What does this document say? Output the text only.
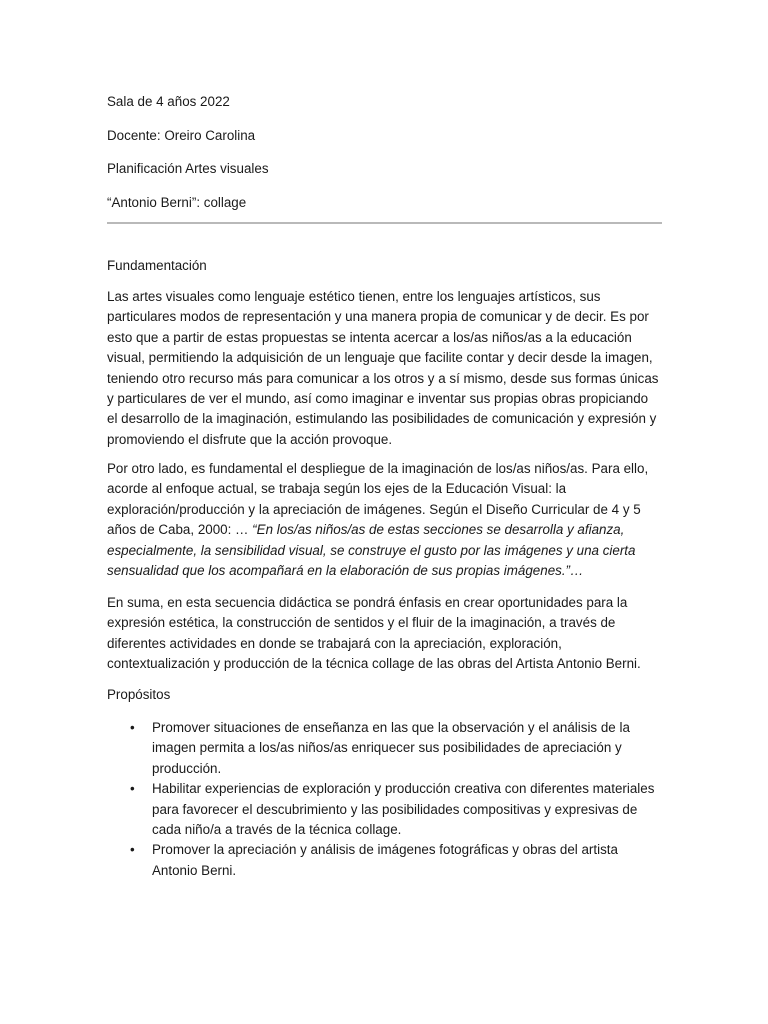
Sala de 4 años 2022
Docente: Oreiro Carolina
Planificación Artes visuales
“Antonio Berni”: collage
Fundamentación

Las artes visuales como lenguaje estético tienen, entre los lenguajes artísticos, sus particulares modos de representación y una manera propia de comunicar y de decir. Es por esto que a partir de estas propuestas se intenta acercar a los/as niños/as a la educación visual, permitiendo la adquisición de un lenguaje que facilite contar y decir desde la imagen, teniendo otro recurso más para comunicar a los otros y a sí mismo, desde sus formas únicas y particulares de ver el mundo, así como imaginar e inventar sus propias obras propiciando el desarrollo de la imaginación, estimulando las posibilidades de comunicación y expresión y promoviendo el disfrute que la acción provoque.

Por otro lado, es fundamental el despliegue de la imaginación de los/as niños/as. Para ello, acorde al enfoque actual, se trabaja según los ejes de la Educación Visual: la exploración/producción y la apreciación de imágenes. Según el Diseño Curricular de 4 y 5 años de Caba, 2000: … “En los/as niños/as de estas secciones se desarrolla y afianza, especialmente, la sensibilidad visual, se construye el gusto por las imágenes y una cierta sensualidad que los acompañará en la elaboración de sus propias imágenes.”…

En suma, en esta secuencia didáctica se pondrá énfasis en crear oportunidades para la expresión estética, la construcción de sentidos y el fluir de la imaginación, a través de diferentes actividades en donde se trabajará con la apreciación, exploración, contextualización y producción de la técnica collage de las obras del Artista Antonio Berni.

Propósitos
• Promover situaciones de enseñanza en las que la observación y el análisis de la imagen permita a los/as niños/as enriquecer sus posibilidades de apreciación y producción.
• Habilitar experiencias de exploración y producción creativa con diferentes materiales para favorecer el descubrimiento y las posibilidades compositivas y expresivas de cada niño/a a través de la técnica collage.
• Promover la apreciación y análisis de imágenes fotográficas y obras del artista Antonio Berni.
